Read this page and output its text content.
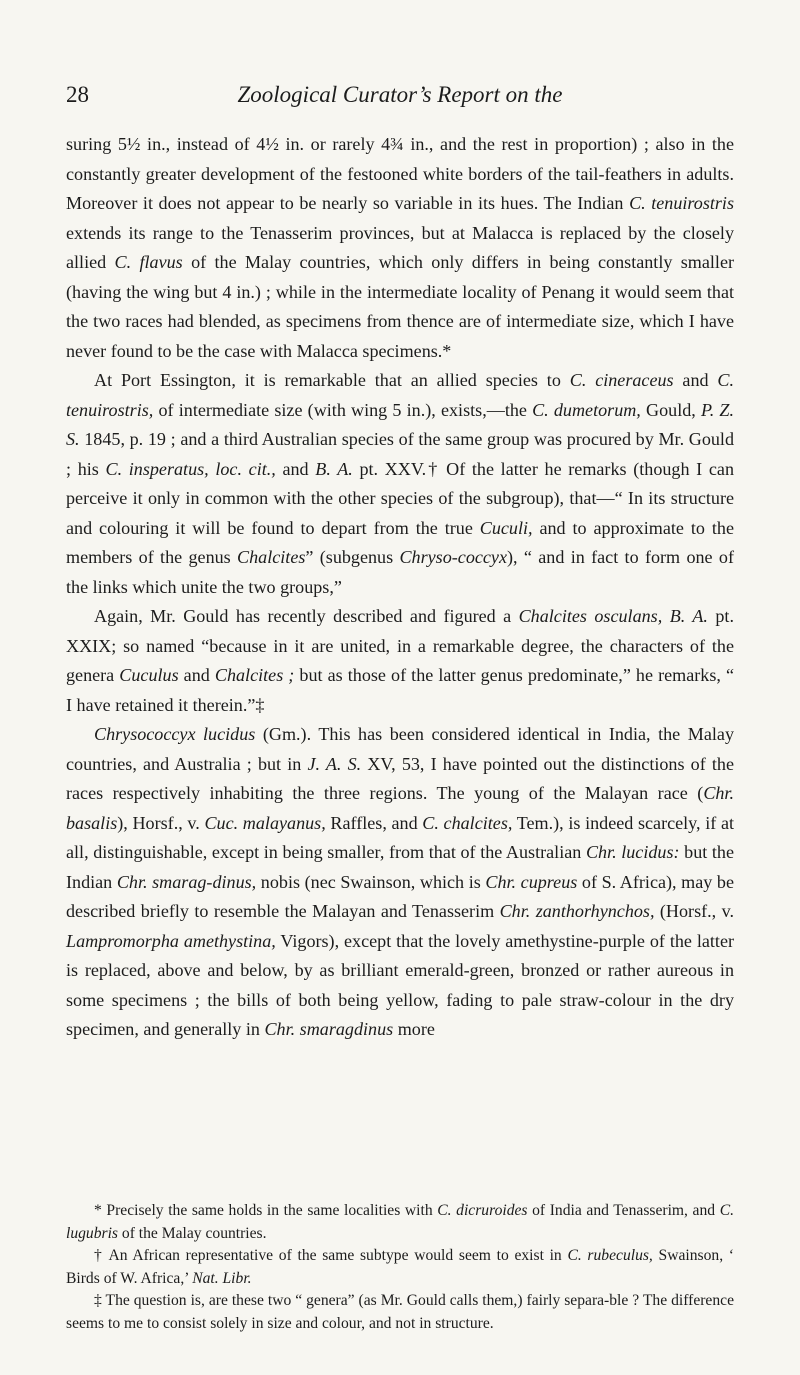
28	Zoological Curator’s Report on the

suring 5½ in., instead of 4½ in. or rarely 4¾ in., and the rest in proportion) ; also in the constantly greater development of the festooned white borders of the tail-feathers in adults. Moreover it does not appear to be nearly so variable in its hues. The Indian C. tenuirostris extends its range to the Tenasserim provinces, but at Malacca is replaced by the closely allied C. flavus of the Malay countries, which only differs in being constantly smaller (having the wing but 4 in.) ; while in the intermediate locality of Penang it would seem that the two races had blended, as specimens from thence are of intermediate size, which I have never found to be the case with Malacca specimens.*

At Port Essington, it is remarkable that an allied species to C. cineraceus and C. tenuirostris, of intermediate size (with wing 5 in.), exists,—the C. dumetorum, Gould, P. Z. S. 1845, p. 19 ; and a third Australian species of the same group was procured by Mr. Gould ; his C. insperatus, loc. cit., and B. A. pt. XXV.† Of the latter he remarks (though I can perceive it only in common with the other species of the subgroup), that—“ In its structure and colouring it will be found to depart from the true Cuculi, and to approximate to the members of the genus Chalcites” (subgenus Chryso-coccyx), “ and in fact to form one of the links which unite the two groups,”

Again, Mr. Gould has recently described and figured a Chalcites osculans, B. A. pt. XXIX; so named “because in it are united, in a remarkable degree, the characters of the genera Cuculus and Chalcites ; but as those of the latter genus predominate,” he remarks, “ I have retained it therein.”‡

Chrysococcyx lucidus (Gm.). This has been considered identical in India, the Malay countries, and Australia ; but in J. A. S. XV, 53, I have pointed out the distinctions of the races respectively inhabiting the three regions. The young of the Malayan race (Chr. basalis), Horsf., v. Cuc. malayanus, Raffles, and C. chalcites, Tem.), is indeed scarcely, if at all, distinguishable, except in being smaller, from that of the Australian Chr. lucidus: but the Indian Chr. smarag-dinus, nobis (nec Swainson, which is Chr. cupreus of S. Africa), may be described briefly to resemble the Malayan and Tenasserim Chr. zanthorhynchos, (Horsf., v. Lampromorpha amethystina, Vigors), except that the lovely amethystine-purple of the latter is replaced, above and below, by as brilliant emerald-green, bronzed or rather aureous in some specimens ; the bills of both being yellow, fading to pale straw-colour in the dry specimen, and generally in Chr. smaragdinus more

* Precisely the same holds in the same localities with C. dicruroides of India and Tenasserim, and C. lugubris of the Malay countries.

† An African representative of the same subtype would seem to exist in C. rubeculus, Swainson, ‘ Birds of W. Africa,’ Nat. Libr.

‡ The question is, are these two “ genera” (as Mr. Gould calls them,) fairly separa-ble ? The difference seems to me to consist solely in size and colour, and not in structure.
